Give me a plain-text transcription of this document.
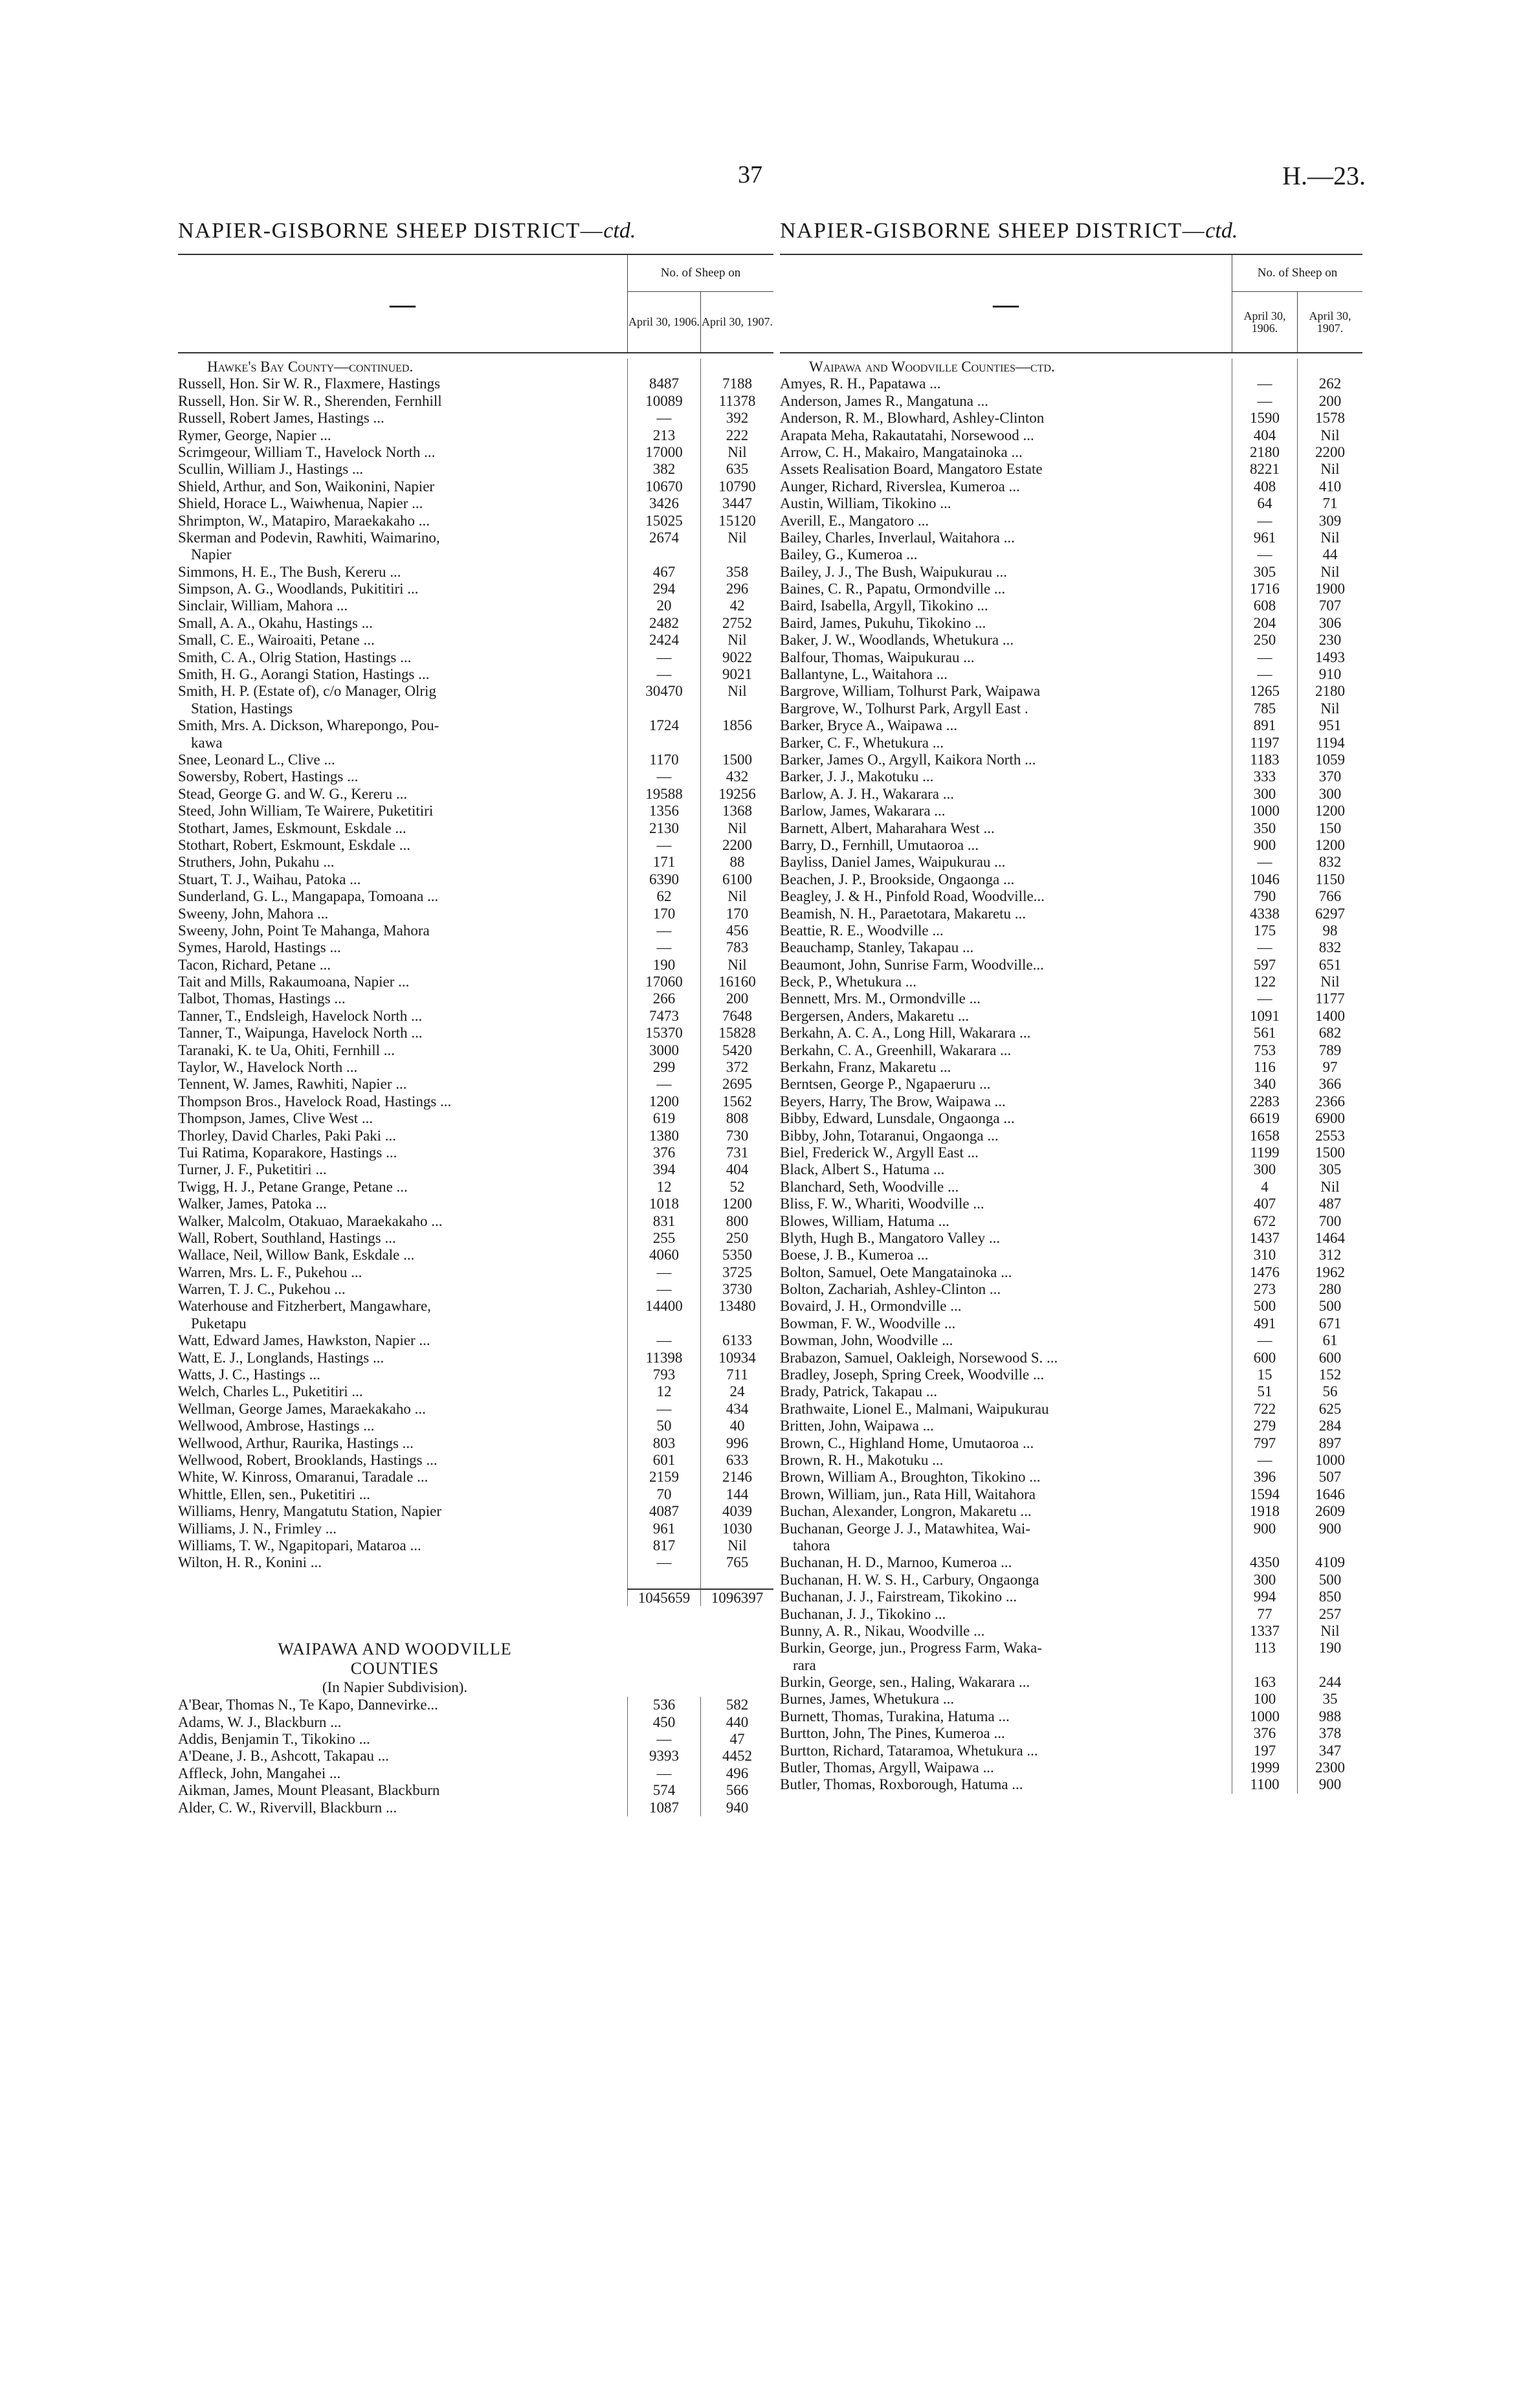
37	H.—23.
NAPIER-GISBORNE SHEEP DISTRICT—ctd.
—
No. of Sheep on
April 30, 1906. April 30, 1907.
Hawke's Bay County—continued.
Russell, Hon. Sir W. R., Flaxmere, Hastings	8487	7188
Russell, Hon. Sir W. R., Sherenden, Fernhill	10089	11378
Russell, Robert James, Hastings ...	—	392
Rymer, George, Napier ...	213	222
Scrimgeour, William T., Havelock North ...	17000	Nil
Scullin, William J., Hastings ...	382	635
Shield, Arthur, and Son, Waikonini, Napier	10670	10790
Shield, Horace L., Waiwhenua, Napier ...	3426	3447
Shrimpton, W., Matapiro, Maraekakaho ...	15025	15120
Skerman and Podevin, Rawhiti, Waimarino,	2674	Nil
Napier
Simmons, H. E., The Bush, Kereru ...	467	358
Simpson, A. G., Woodlands, Pukititiri ...	294	296
Sinclair, William, Mahora ...	20	42
Small, A. A., Okahu, Hastings ...	2482	2752
Small, C. E., Wairoaiti, Petane ...	2424	Nil
Smith, C. A., Olrig Station, Hastings ...	—	9022
Smith, H. G., Aorangi Station, Hastings ...	—	9021
Smith, H. P. (Estate of), c/o Manager, Olrig	30470	Nil
Station, Hastings
Smith, Mrs. A. Dickson, Wharepongo, Pou-	1724	1856
kawa
Snee, Leonard L., Clive ...	1170	1500
Sowersby, Robert, Hastings ...	—	432
Stead, George G. and W. G., Kereru ...	19588	19256
Steed, John William, Te Wairere, Puketitiri	1356	1368
Stothart, James, Eskmount, Eskdale ...	2130	Nil
Stothart, Robert, Eskmount, Eskdale ...	—	2200
Struthers, John, Pukahu ...	171	88
Stuart, T. J., Waihau, Patoka ...	6390	6100
Sunderland, G. L., Mangapapa, Tomoana ...	62	Nil
Sweeny, John, Mahora ...	170	170
Sweeny, John, Point Te Mahanga, Mahora	—	456
Symes, Harold, Hastings ...	—	783
Tacon, Richard, Petane ...	190	Nil
Tait and Mills, Rakaumoana, Napier ...	17060	16160
Talbot, Thomas, Hastings ...	266	200
Tanner, T., Endsleigh, Havelock North ...	7473	7648
Tanner, T., Waipunga, Havelock North ...	15370	15828
Taranaki, K. te Ua, Ohiti, Fernhill ...	3000	5420
Taylor, W., Havelock North ...	299	372
Tennent, W. James, Rawhiti, Napier ...	—	2695
Thompson Bros., Havelock Road, Hastings ...	1200	1562
Thompson, James, Clive West ...	619	808
Thorley, David Charles, Paki Paki ...	1380	730
Tui Ratima, Koparakore, Hastings ...	376	731
Turner, J. F., Puketitiri ...	394	404
Twigg, H. J., Petane Grange, Petane ...	12	52
Walker, James, Patoka ...	1018	1200
Walker, Malcolm, Otakuao, Maraekakaho ...	831	800
Wall, Robert, Southland, Hastings ...	255	250
Wallace, Neil, Willow Bank, Eskdale ...	4060	5350
Warren, Mrs. L. F., Pukehou ...	—	3725
Warren, T. J. C., Pukehou ...	—	3730
Waterhouse and Fitzherbert, Mangawhare,	14400	13480
Puketapu
Watt, Edward James, Hawkston, Napier ...	—	6133
Watt, E. J., Longlands, Hastings ...	11398	10934
Watts, J. C., Hastings ...	793	711
Welch, Charles L., Puketitiri ...	12	24
Wellman, George James, Maraekakaho ...	—	434
Wellwood, Ambrose, Hastings ...	50	40
Wellwood, Arthur, Raurika, Hastings ...	803	996
Wellwood, Robert, Brooklands, Hastings ...	601	633
White, W. Kinross, Omaranui, Taradale ...	2159	2146
Whittle, Ellen, sen., Puketitiri ...	70	144
Williams, Henry, Mangatutu Station, Napier	4087	4039
Williams, J. N., Frimley ...	961	1030
Williams, T. W., Ngapitopari, Mataroa ...	817	Nil
Wilton, H. R., Konini ...	—	765
1045659	1096397
WAIPAWA AND WOODVILLE
COUNTIES
(In Napier Subdivision).
A'Bear, Thomas N., Te Kapo, Dannevirke...	536	582
Adams, W. J., Blackburn ...	450	440
Addis, Benjamin T., Tikokino ...	—	47
A'Deane, J. B., Ashcott, Takapau ...	9393	4452
Affleck, John, Mangahei ...	—	496
Aikman, James, Mount Pleasant, Blackburn	574	566
Alder, C. W., Rivervill, Blackburn ...	1087	940
NAPIER-GISBORNE SHEEP DISTRICT—ctd.
—
No. of Sheep on
April 30, 1906.
April 30, 1907.
Waipawa and Woodville Counties—ctd.
Amyes, R. H., Papatawa ...	—	262
Anderson, James R., Mangatuna ...	—	200
Anderson, R. M., Blowhard, Ashley-Clinton	1590	1578
Arapata Meha, Rakautatahi, Norsewood ...	404	Nil
Arrow, C. H., Makairo, Mangatainoka ...	2180	2200
Assets Realisation Board, Mangatoro Estate	8221	Nil
Aunger, Richard, Riverslea, Kumeroa ...	408	410
Austin, William, Tikokino ...	64	71
Averill, E., Mangatoro ...	—	309
Bailey, Charles, Inverlaul, Waitahora ...	961	Nil
Bailey, G., Kumeroa ...	—	44
Bailey, J. J., The Bush, Waipukurau ...	305	Nil
Baines, C. R., Papatu, Ormondville ...	1716	1900
Baird, Isabella, Argyll, Tikokino ...	608	707
Baird, James, Pukuhu, Tikokino ...	204	306
Baker, J. W., Woodlands, Whetukura ...	250	230
Balfour, Thomas, Waipukurau ...	—	1493
Ballantyne, L., Waitahora ...	—	910
Bargrove, William, Tolhurst Park, Waipawa	1265	2180
Bargrove, W., Tolhurst Park, Argyll East .	785	Nil
Barker, Bryce A., Waipawa ...	891	951
Barker, C. F., Whetukura ...	1197	1194
Barker, James O., Argyll, Kaikora North ...	1183	1059
Barker, J. J., Makotuku ...	333	370
Barlow, A. J. H., Wakarara ...	300	300
Barlow, James, Wakarara ...	1000	1200
Barnett, Albert, Maharahara West ...	350	150
Barry, D., Fernhill, Umutaoroa ...	900	1200
Bayliss, Daniel James, Waipukurau ...	—	832
Beachen, J. P., Brookside, Ongaonga ...	1046	1150
Beagley, J. & H., Pinfold Road, Woodville...	790	766
Beamish, N. H., Paraetotara, Makaretu ...	4338	6297
Beattie, R. E., Woodville ...	175	98
Beauchamp, Stanley, Takapau ...	—	832
Beaumont, John, Sunrise Farm, Woodville...	597	651
Beck, P., Whetukura ...	122	Nil
Bennett, Mrs. M., Ormondville ...	—	1177
Bergersen, Anders, Makaretu ...	1091	1400
Berkahn, A. C. A., Long Hill, Wakarara ...	561	682
Berkahn, C. A., Greenhill, Wakarara ...	753	789
Berkahn, Franz, Makaretu ...	116	97
Berntsen, George P., Ngapaeruru ...	340	366
Beyers, Harry, The Brow, Waipawa ...	2283	2366
Bibby, Edward, Lunsdale, Ongaonga ...	6619	6900
Bibby, John, Totaranui, Ongaonga ...	1658	2553
Biel, Frederick W., Argyll East ...	1199	1500
Black, Albert S., Hatuma ...	300	305
Blanchard, Seth, Woodville ...	4	Nil
Bliss, F. W., Whariti, Woodville ...	407	487
Blowes, William, Hatuma ...	672	700
Blyth, Hugh B., Mangatoro Valley ...	1437	1464
Boese, J. B., Kumeroa ...	310	312
Bolton, Samuel, Oete Mangatainoka ...	1476	1962
Bolton, Zachariah, Ashley-Clinton ...	273	280
Bovaird, J. H., Ormondville ...	500	500
Bowman, F. W., Woodville ...	491	671
Bowman, John, Woodville ...	—	61
Brabazon, Samuel, Oakleigh, Norsewood S. ...	600	600
Bradley, Joseph, Spring Creek, Woodville ...	15	152
Brady, Patrick, Takapau ...	51	56
Brathwaite, Lionel E., Malmani, Waipukurau	722	625
Britten, John, Waipawa ...	279	284
Brown, C., Highland Home, Umutaoroa ...	797	897
Brown, R. H., Makotuku ...	—	1000
Brown, William A., Broughton, Tikokino ...	396	507
Brown, William, jun., Rata Hill, Waitahora	1594	1646
Buchan, Alexander, Longron, Makaretu ...	1918	2609
Buchanan, George J. J., Matawhitea, Wai-	900	900
tahora
Buchanan, H. D., Marnoo, Kumeroa ...	4350	4109
Buchanan, H. W. S. H., Carbury, Ongaonga	300	500
Buchanan, J. J., Fairstream, Tikokino ...	994	850
Buchanan, J. J., Tikokino ...	77	257
Bunny, A. R., Nikau, Woodville ...	1337	Nil
Burkin, George, jun., Progress Farm, Waka-	113	190
rara
Burkin, George, sen., Haling, Wakarara ...	163	244
Burnes, James, Whetukura ...	100	35
Burnett, Thomas, Turakina, Hatuma ...	1000	988
Burtton, John, The Pines, Kumeroa ...	376	378
Burtton, Richard, Tataramoa, Whetukura ...	197	347
Butler, Thomas, Argyll, Waipawa ...	1999	2300
Butler, Thomas, Roxborough, Hatuma ...	1100	900
